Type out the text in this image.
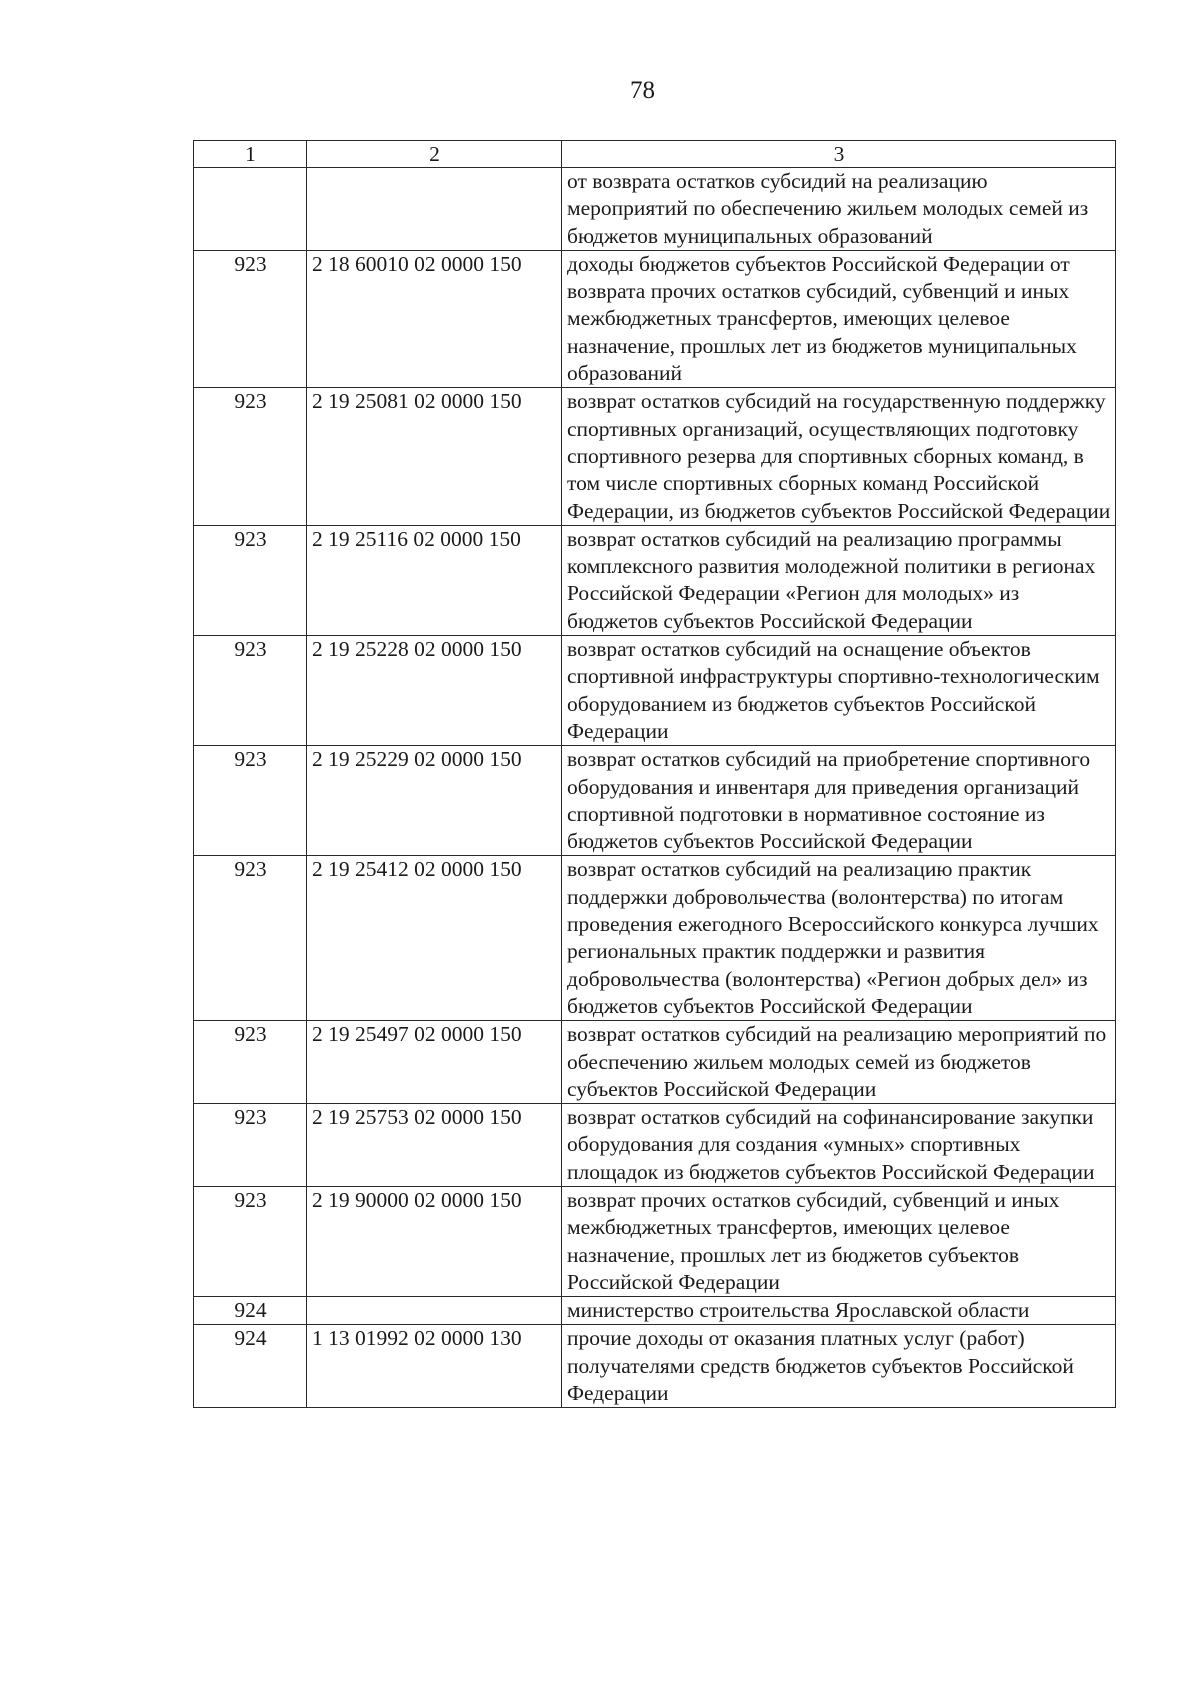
78
1	2	3
		от возврата остатков субсидий на реализацию мероприятий по обеспечению жильем молодых семей из бюджетов муниципальных образований
923	2 18 60010 02 0000 150	доходы бюджетов субъектов Российской Федерации от возврата прочих остатков субсидий, субвенций и иных межбюджетных трансфертов, имеющих целевое назначение, прошлых лет из бюджетов муниципальных образований
923	2 19 25081 02 0000 150	возврат остатков субсидий на государственную поддержку спортивных организаций, осуществляющих подготовку спортивного резерва для спортивных сборных команд, в том числе спортивных сборных команд Российской Федерации, из бюджетов субъектов Российской Федерации
923	2 19 25116 02 0000 150	возврат остатков субсидий на реализацию программы комплексного развития молодежной политики в регионах Российской Федерации «Регион для молодых» из бюджетов субъектов Российской Федерации
923	2 19 25228 02 0000 150	возврат остатков субсидий на оснащение объектов спортивной инфраструктуры спортивно-технологическим оборудованием из бюджетов субъектов Российской Федерации
923	2 19 25229 02 0000 150	возврат остатков субсидий на приобретение спортивного оборудования и инвентаря для приведения организаций спортивной подготовки в нормативное состояние из бюджетов субъектов Российской Федерации
923	2 19 25412 02 0000 150	возврат остатков субсидий на реализацию практик поддержки добровольчества (волонтерства) по итогам проведения ежегодного Всероссийского конкурса лучших региональных практик поддержки и развития добровольчества (волонтерства) «Регион добрых дел» из бюджетов субъектов Российской Федерации
923	2 19 25497 02 0000 150	возврат остатков субсидий на реализацию мероприятий по обеспечению жильем молодых семей из бюджетов субъектов Российской Федерации
923	2 19 25753 02 0000 150	возврат остатков субсидий на софинансирование закупки оборудования для создания «умных» спортивных площадок из бюджетов субъектов Российской Федерации
923	2 19 90000 02 0000 150	возврат прочих остатков субсидий, субвенций и иных межбюджетных трансфертов, имеющих целевое назначение, прошлых лет из бюджетов субъектов Российской Федерации
924		министерство строительства Ярославской области
924	1 13 01992 02 0000 130	прочие доходы от оказания платных услуг (работ) получателями средств бюджетов субъектов Российской Федерации
